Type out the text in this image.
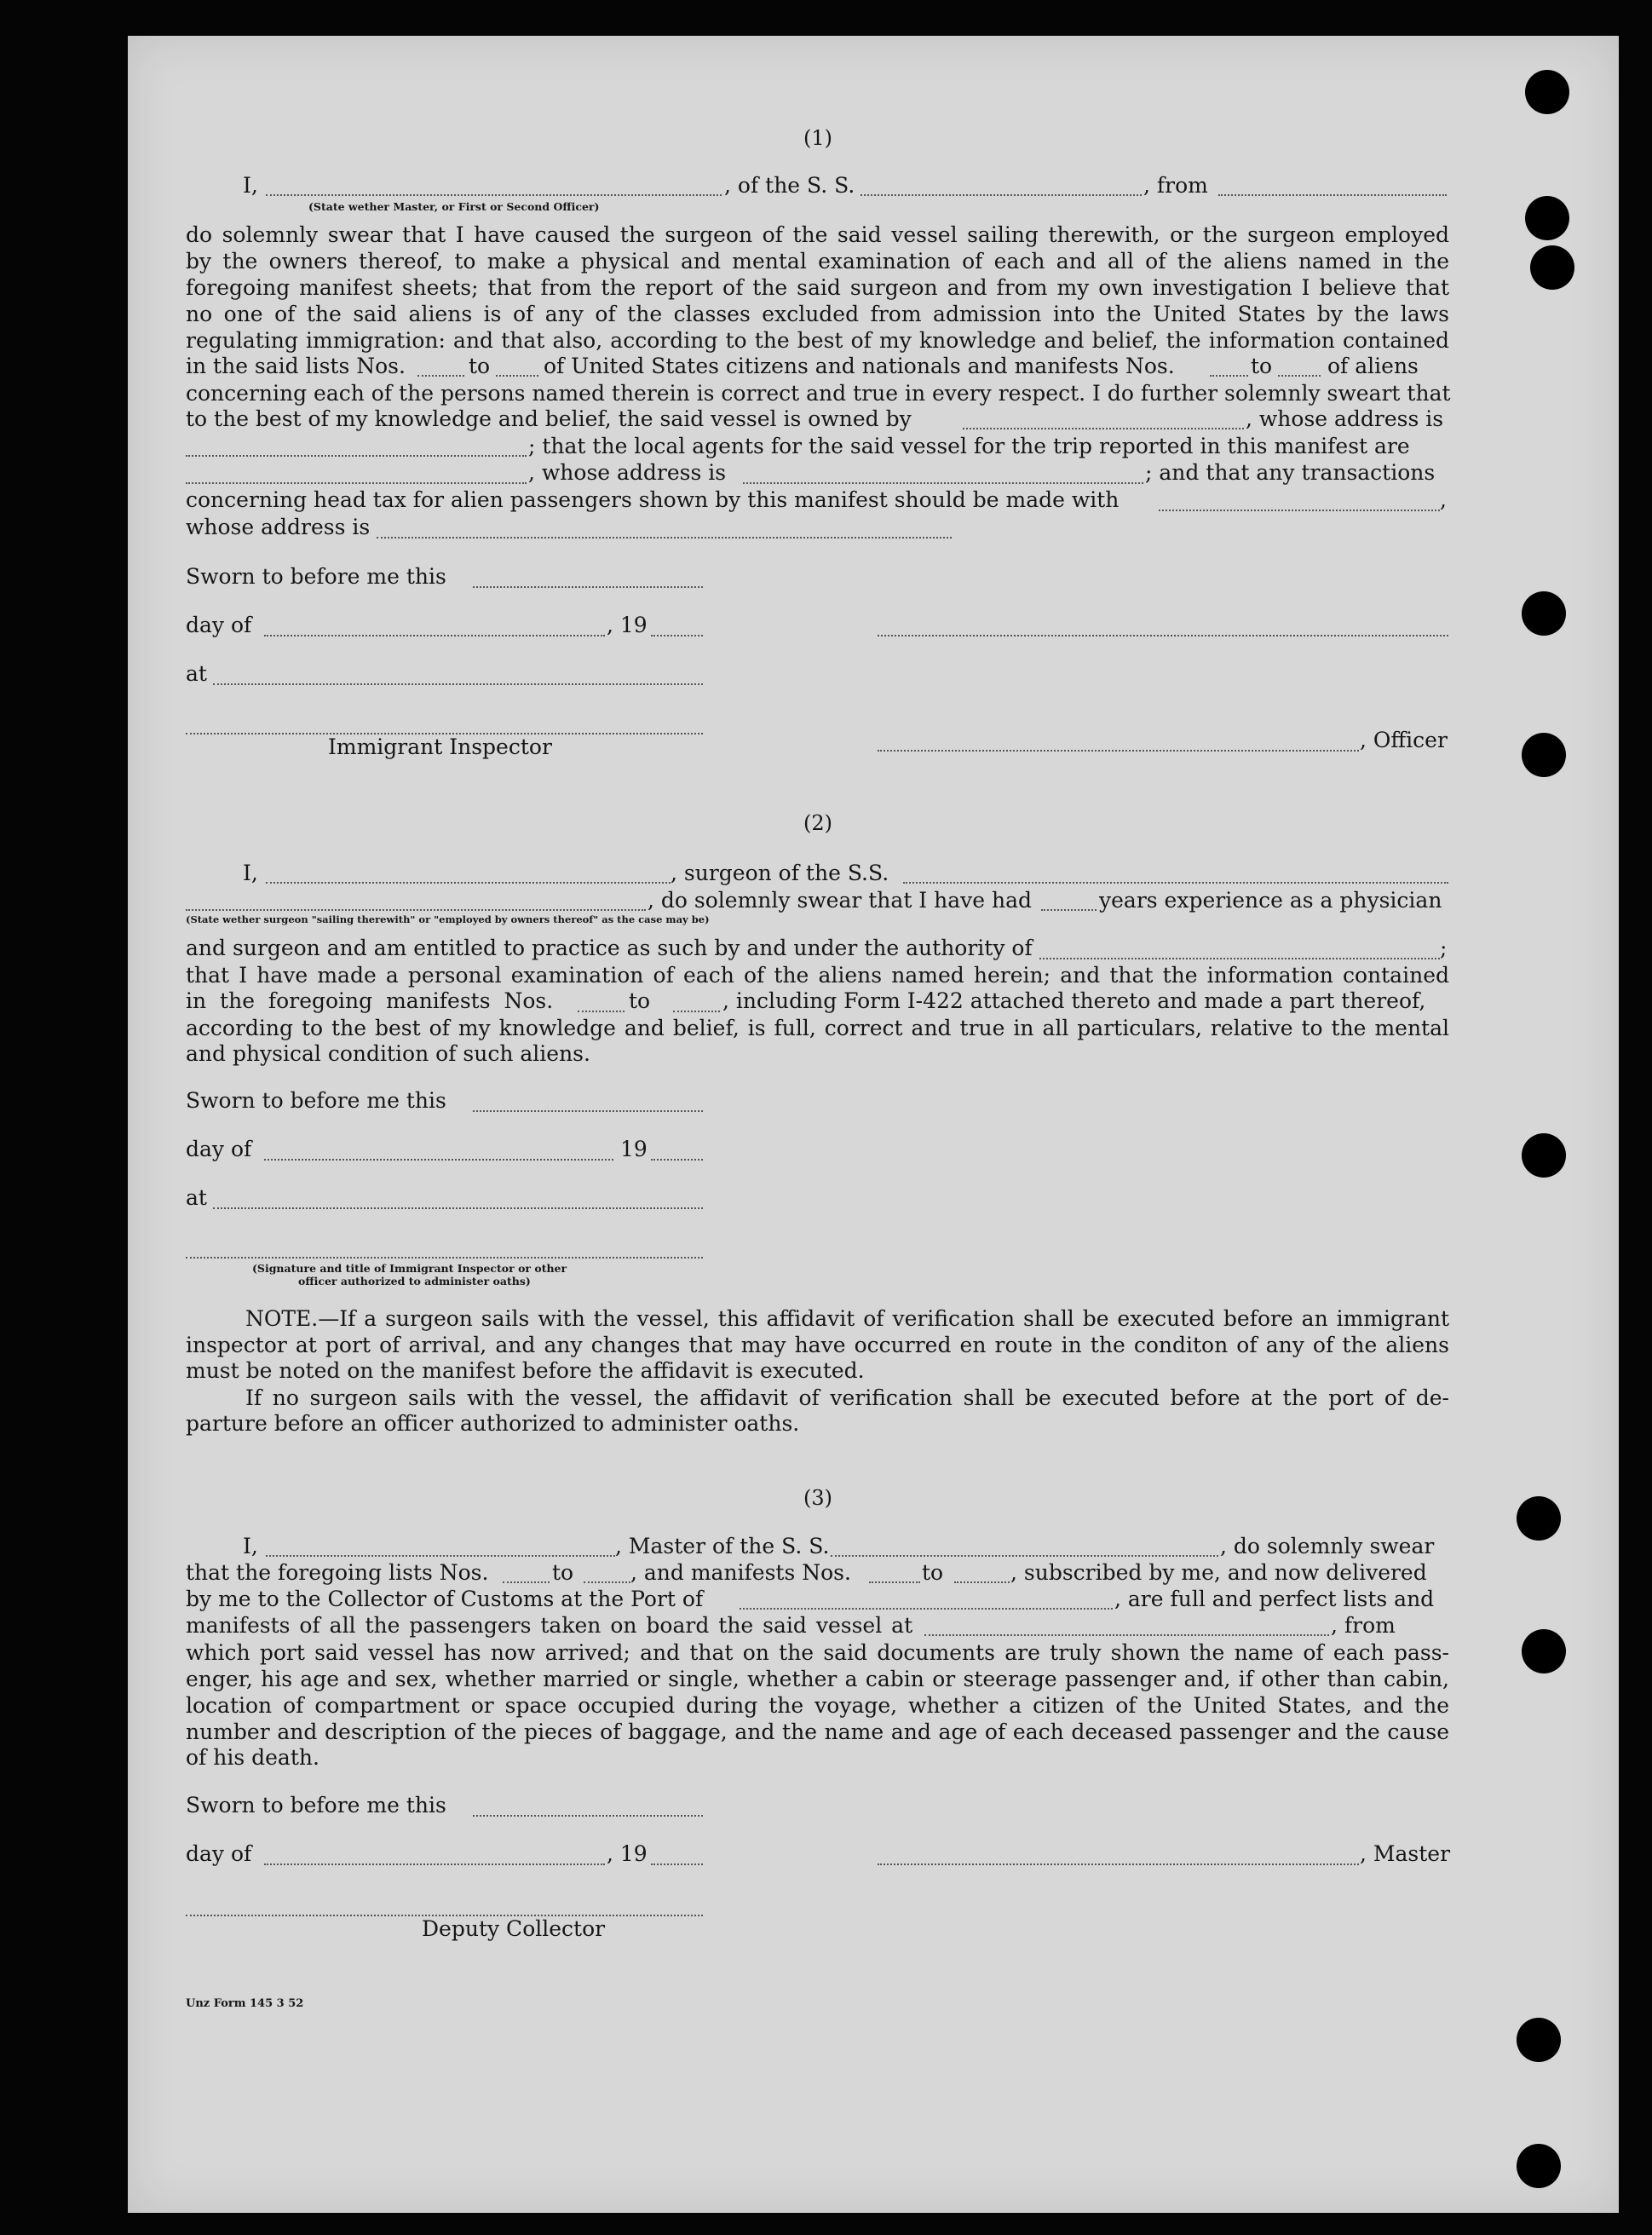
(1)
I,
(State wether Master, or First or Second Officer)
, of the S. S.	, from
do solemnly swear that I have caused the surgeon of the said vessel sailing therewith, or the surgeon employed
by the owners thereof, to make a physical and mental examination of each and all of the aliens named in the
foregoing manifest sheets; that from the report of the said surgeon and from my own investigation I believe that
no one of the said aliens is of any of the classes excluded from admission into the United States by the laws
regulating immigration: and that also, according to the best of my knowledge and belief, the information contained
in the said lists Nos.	to	of United States citizens and nationals and manifests Nos.	to	of aliens
concerning each of the persons named therein is correct and true in every respect. I do further solemnly sweart that
to the best of my knowledge and belief, the said vessel is owned by	, whose address is
; that the local agents for the said vessel for the trip reported in this manifest are
, whose address is	; and that any transactions
concerning head tax for alien passengers shown by this manifest should be made with	,
whose address is
Sworn to before me this
day of	, 19
at
Immigrant Inspector	, Officer
(2)
I,	, surgeon of the S.S.
(State wether surgeon "sailing therewith" or "employed by owners thereof" as the case may be)
, do solemnly swear that I have had	years experience as a physician
and surgeon and am entitled to practice as such by and under the authority of	;
that I have made a personal examination of each of the aliens named herein; and that the information contained
in the foregoing manifests Nos.	to	, including Form I-422 attached thereto and made a part thereof,
according to the best of my knowledge and belief, is full, correct and true in all particulars, relative to the mental
and physical condition of such aliens.
Sworn to before me this
day of	19
at
(Signature and title of Immigrant Inspector or other
officer authorized to administer oaths)
NOTE.—If a surgeon sails with the vessel, this affidavit of verification shall be executed before an immigrant
inspector at port of arrival, and any changes that may have occurred en route in the conditon of any of the aliens
must be noted on the manifest before the affidavit is executed.
If no surgeon sails with the vessel, the affidavit of verification shall be executed before at the port of de-
parture before an officer authorized to administer oaths.
(3)
I,	, Master of the S. S.	, do solemnly swear
that the foregoing lists Nos.	to	, and manifests Nos.	to	, subscribed by me, and now delivered
by me to the Collector of Customs at the Port of	, are full and perfect lists and
manifests of all the passengers taken on board the said vessel at	, from
which port said vessel has now arrived; and that on the said documents are truly shown the name of each pass-
enger, his age and sex, whether married or single, whether a cabin or steerage passenger and, if other than cabin,
location of compartment or space occupied during the voyage, whether a citizen of the United States, and the
number and description of the pieces of baggage, and the name and age of each deceased passenger and the cause
of his death.
Sworn to before me this
day of	, 19	, Master
Deputy Collector
Unz Form 145 3 52
